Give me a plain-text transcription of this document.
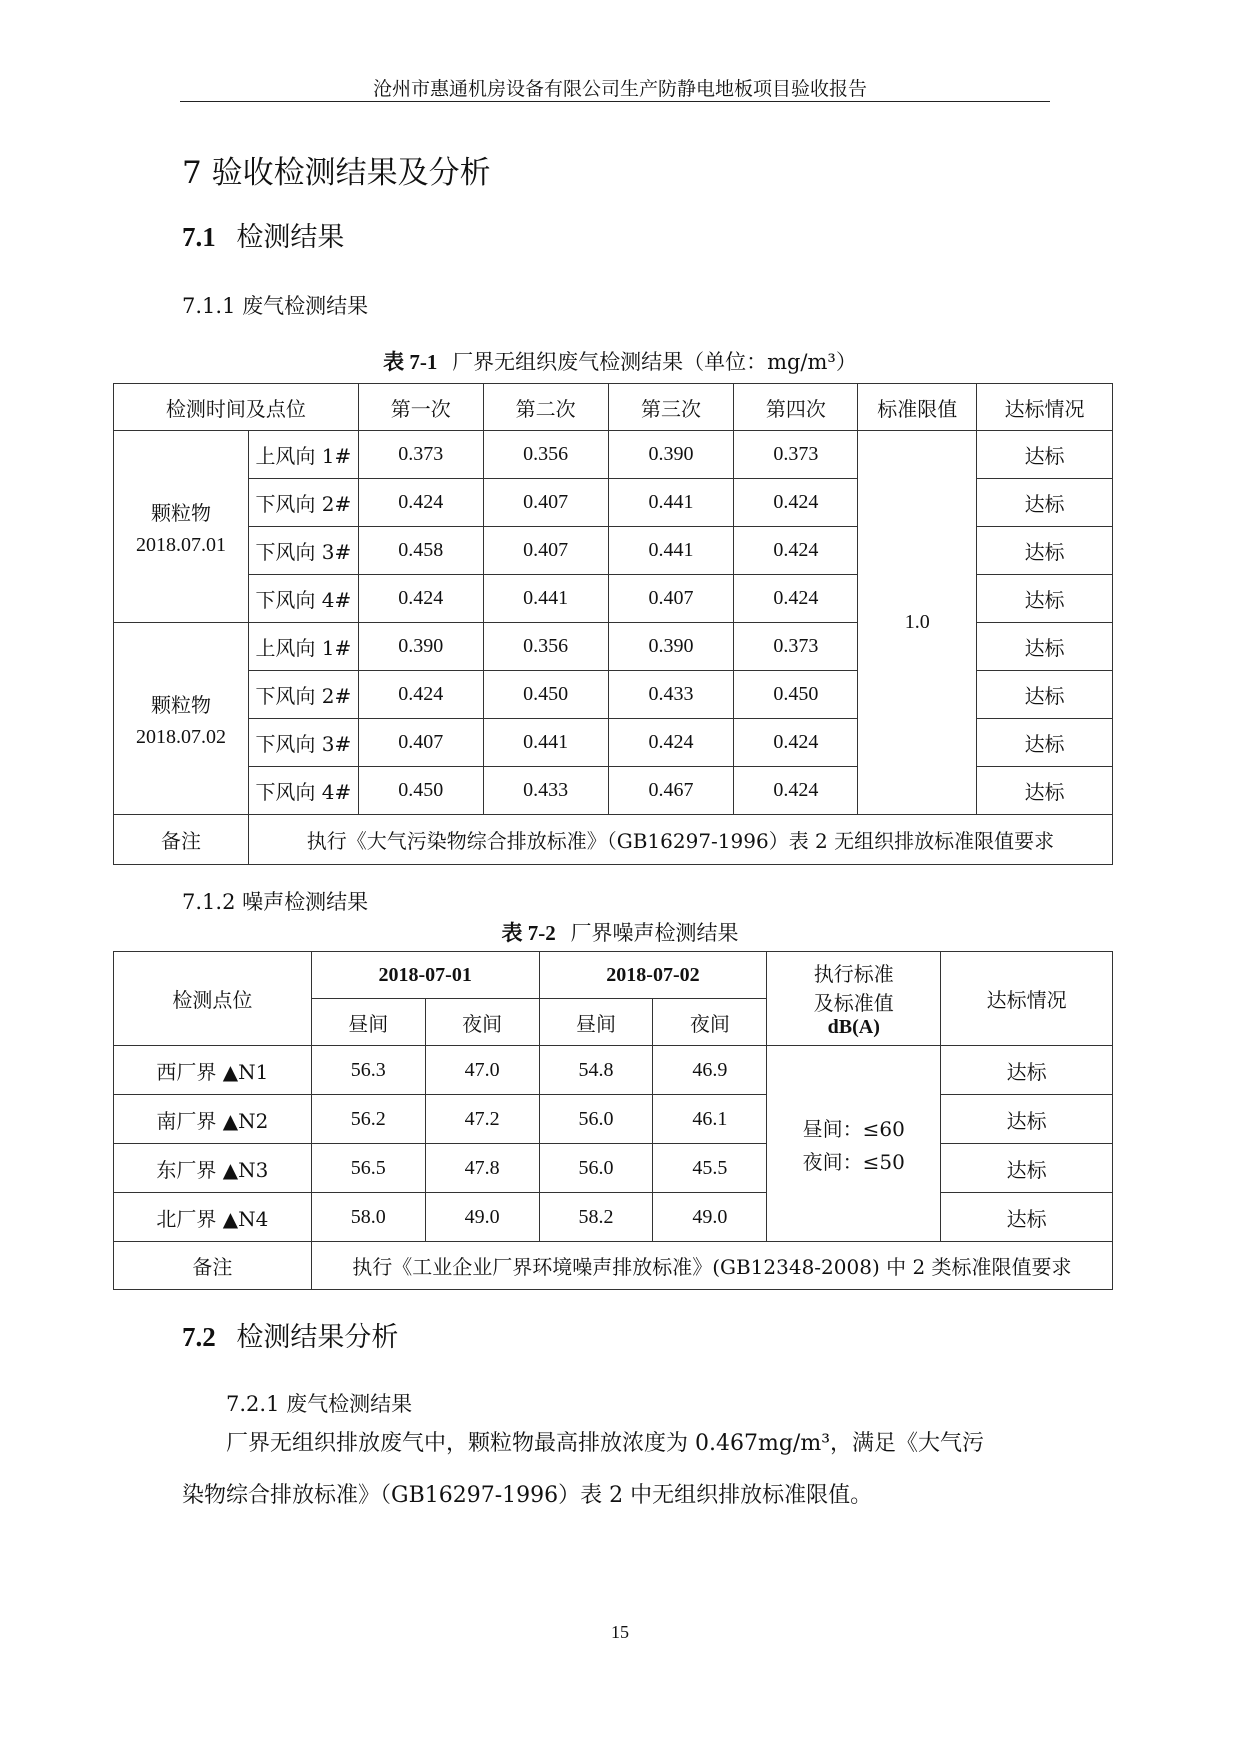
沧州市惠通机房设备有限公司生产防静电地板项目验收报告
7 验收检测结果及分析
7.1 检测结果
7.1.1 废气检测结果
表 7-1 厂界无组织废气检测结果（单位：mg/m³）
检测时间及点位		第一次	第二次	第三次	第四次	标准限值	达标情况

颗粒物
2018.07.01	上风向 1#	0.373	0.356	0.390	0.373	1.0	达标
	下风向 2#	0.424	0.407	0.441	0.424		达标
	下风向 3#	0.458	0.407	0.441	0.424		达标
	下风向 4#	0.424	0.441	0.407	0.424		达标

颗粒物
2018.07.02	上风向 1#	0.390	0.356	0.390	0.373		达标
	下风向 2#	0.424	0.450	0.433	0.450		达标
	下风向 3#	0.407	0.441	0.424	0.424		达标
	下风向 4#	0.450	0.433	0.467	0.424		达标
备注	执行《大气污染物综合排放标准》（GB16297-1996）表 2 无组织排放标准限值要求						
7.1.2 噪声检测结果
表 7-2 厂界噪声检测结果
检测点位	2018-07-01		2018-07-02		执行标准
及标准值
dB(A)	达标情况
	昼间	夜间	昼间	夜间		
西厂界 ▲N1	56.3	47.0	54.8	46.9	昼间：≤60
夜间：≤50	达标
南厂界 ▲N2	56.2	47.2	56.0	46.1		达标
东厂界 ▲N3	56.5	47.8	56.0	45.5		达标
北厂界 ▲N4	58.0	49.0	58.2	49.0		达标
备注	执行《工业企业厂界环境噪声排放标准》(GB12348-2008) 中 2 类标准限值要求					
7.2 检测结果分析
7.2.1 废气检测结果
厂界无组织排放废气中，颗粒物最高排放浓度为 0.467mg/m³，满足《大气污
染物综合排放标准》（GB16297-1996）表 2 中无组织排放标准限值。
15
